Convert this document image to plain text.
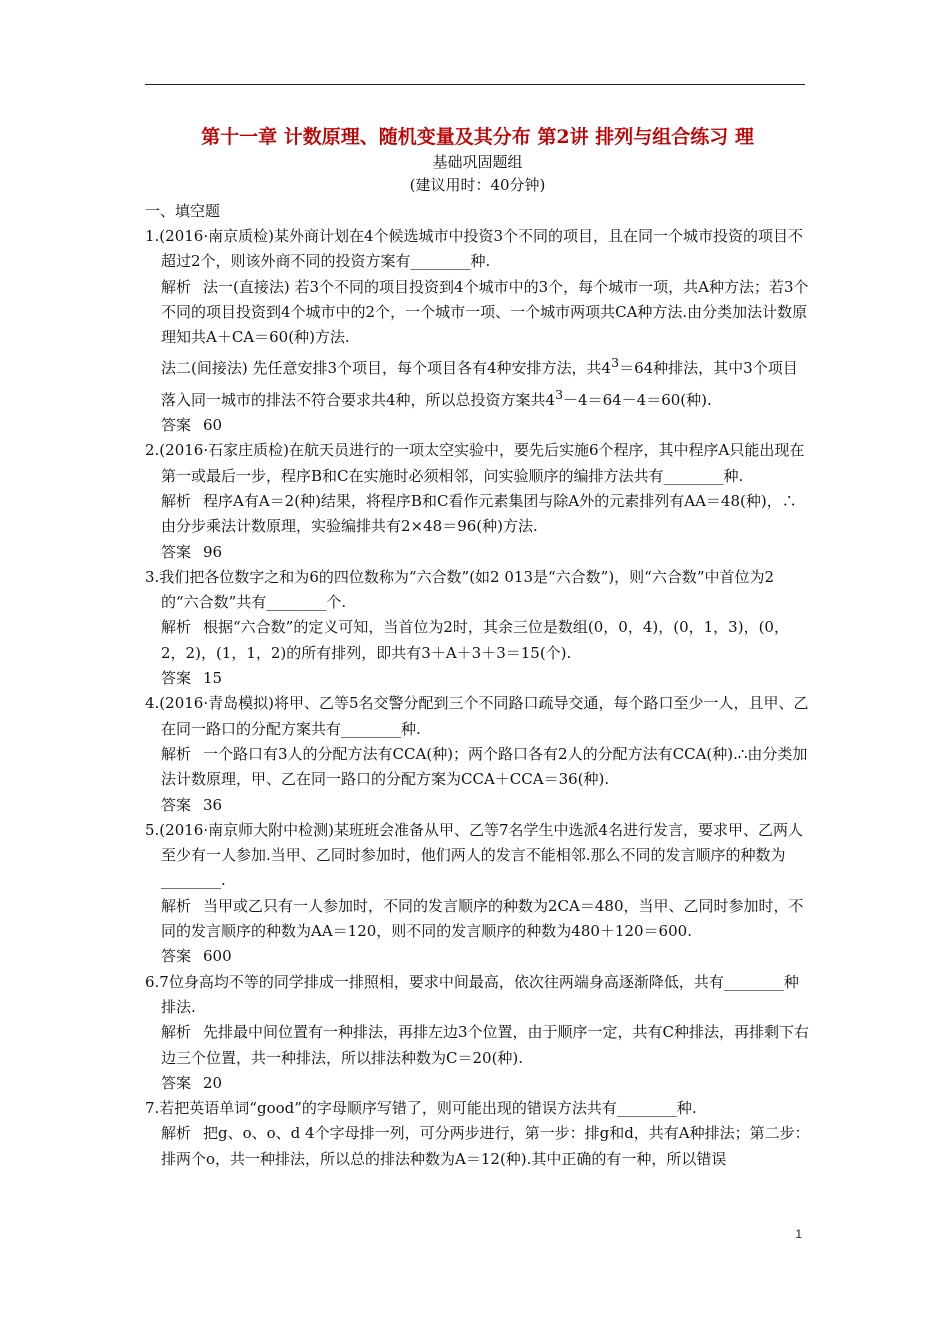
第十一章 计数原理、随机变量及其分布 第2讲 排列与组合练习 理
基础巩固题组
(建议用时：40分钟)
一、填空题
1.(2016·南京质检)某外商计划在4个候选城市中投资3个不同的项目，且在同一个城市投资的项目不超过2个，则该外商不同的投资方案有________种.
解析 法一(直接法) 若3个不同的项目投资到4个城市中的3个，每个城市一项，共A种方法；若3个不同的项目投资到4个城市中的2个，一个城市一项、一个城市两项共CA种方法.由分类加法计数原理知共A＋CA＝60(种)方法.
法二(间接法) 先任意安排3个项目，每个项目各有4种安排方法，共$4^3=64$种排法，其中3个项目落入同一城市的排法不符合要求共4种，所以总投资方案共$4^3-4=64-4=60$(种).
答案 60
2.(2016·石家庄质检)在航天员进行的一项太空实验中，要先后实施6个程序，其中程序A只能出现在第一或最后一步，程序B和C在实施时必须相邻，问实验顺序的编排方法共有________种.
解析 程序A有A＝2(种)结果，将程序B和C看作元素集团与除A外的元素排列有AA＝48(种)，∴由分步乘法计数原理，实验编排共有2×48＝96(种)方法.
答案 96
3.我们把各位数字之和为6的四位数称为“六合数”(如2 013是“六合数”)，则“六合数”中首位为2的“六合数”共有________个.
解析 根据“六合数”的定义可知，当首位为2时，其余三位是数组(0，0，4)，(0，1，3)，(0，2，2)，(1，1，2)的所有排列，即共有3＋A＋3＋3＝15(个).
答案 15
4.(2016·青岛模拟)将甲、乙等5名交警分配到三个不同路口疏导交通，每个路口至少一人，且甲、乙在同一路口的分配方案共有________种.
解析 一个路口有3人的分配方法有CCA(种)；两个路口各有2人的分配方法有CCA(种).∴由分类加法计数原理，甲、乙在同一路口的分配方案为CCA＋CCA＝36(种).
答案 36
5.(2016·南京师大附中检测)某班班会准备从甲、乙等7名学生中选派4名进行发言，要求甲、乙两人至少有一人参加.当甲、乙同时参加时，他们两人的发言不能相邻.那么不同的发言顺序的种数为________.
解析 当甲或乙只有一人参加时，不同的发言顺序的种数为2CA＝480，当甲、乙同时参加时，不同的发言顺序的种数为AA＝120，则不同的发言顺序的种数为480＋120＝600.
答案 600
6.7位身高均不等的同学排成一排照相，要求中间最高，依次往两端身高逐渐降低，共有________种排法.
解析 先排最中间位置有一种排法，再排左边3个位置，由于顺序一定，共有C种排法，再排剩下右边三个位置，共一种排法，所以排法种数为C＝20(种).
答案 20
7.若把英语单词“good”的字母顺序写错了，则可能出现的错误方法共有________种.
解析 把g、o、o、d 4个字母排一列，可分两步进行，第一步：排g和d，共有A种排法；第二步：排两个o，共一种排法，所以总的排法种数为A＝12(种).其中正确的有一种，所以错误
1
